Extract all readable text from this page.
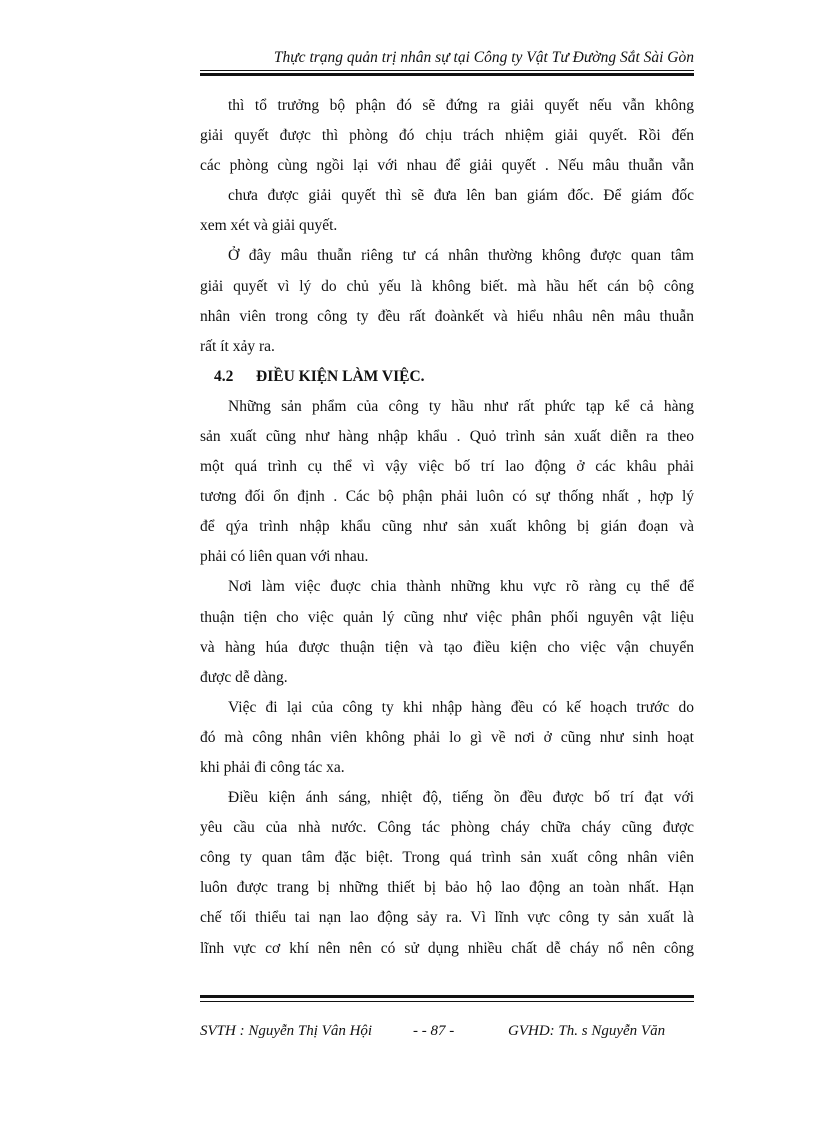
Thực trạng quản trị nhân sự tại Công ty Vật Tư Đường Sắt Sài Gòn
thì tổ trưởng bộ phận đó sẽ đứng ra giải quyết nếu vẫn không
giải quyết được thì phòng đó chịu trách nhiệm giải quyết. Rồi đến
các phòng cùng ngồi lại với nhau để giải quyết . Nếu mâu thuẫn vẫn
chưa được giải quyết thì sẽ đưa lên ban giám đốc. Để giám đốc
xem xét và giải quyết.
Ở đây mâu thuẫn riêng tư cá nhân thường không được quan tâm
giải quyết vì lý do chủ yếu là không biết. mà hầu hết cán bộ công
nhân viên trong công ty đều rất đoànkết và hiểu nhâu nên mâu thuẫn
rất ít xảy ra.
4.2 ĐIỀU KIỆN LÀM VIỆC.
Những sản phẩm của công ty hầu như rất phức tạp kể cả hàng
sản xuất cũng như hàng nhập khẩu . Quỏ trình sản xuất diễn ra theo
một quá trình cụ thể vì vậy việc bố trí lao động ở các khâu phải
tương đối ổn định . Các bộ phận phải luôn có sự thống nhất , hợp lý
để qýa trình nhập khẩu cũng như sản xuất không bị gián đoạn và
phải có liên quan với nhau.
Nơi làm việc đuợc chia thành những khu vực rõ ràng cụ thể để
thuận tiện cho việc quản lý cũng như việc phân phối nguyên vật liệu
và hàng húa được thuận tiện và tạo điều kiện cho việc vận chuyển
được dễ dàng.
Việc đi lại của công ty khi nhập hàng đều có kế hoạch trước do
đó mà công nhân viên không phải lo gì về nơi ở cũng như sinh hoạt
khi phải đi công tác xa.
Điều kiện ánh sáng, nhiệt độ, tiếng ồn đều được bố trí đạt với
yêu cầu của nhà nước. Công tác phòng cháy chữa cháy cũng được
công ty quan tâm đặc biệt. Trong quá trình sản xuất công nhân viên
luôn được trang bị những thiết bị bảo hộ lao động an toàn nhất. Hạn
chế tối thiểu tai nạn lao động sảy ra. Vì lĩnh vực công ty sản xuất là
lĩnh vực cơ khí nên nên có sử dụng nhiều chất dễ cháy nổ nên công
SVTH : Nguyễn Thị Vân Hội	- - 87 -	GVHD: Th. s Nguyễn Văn
